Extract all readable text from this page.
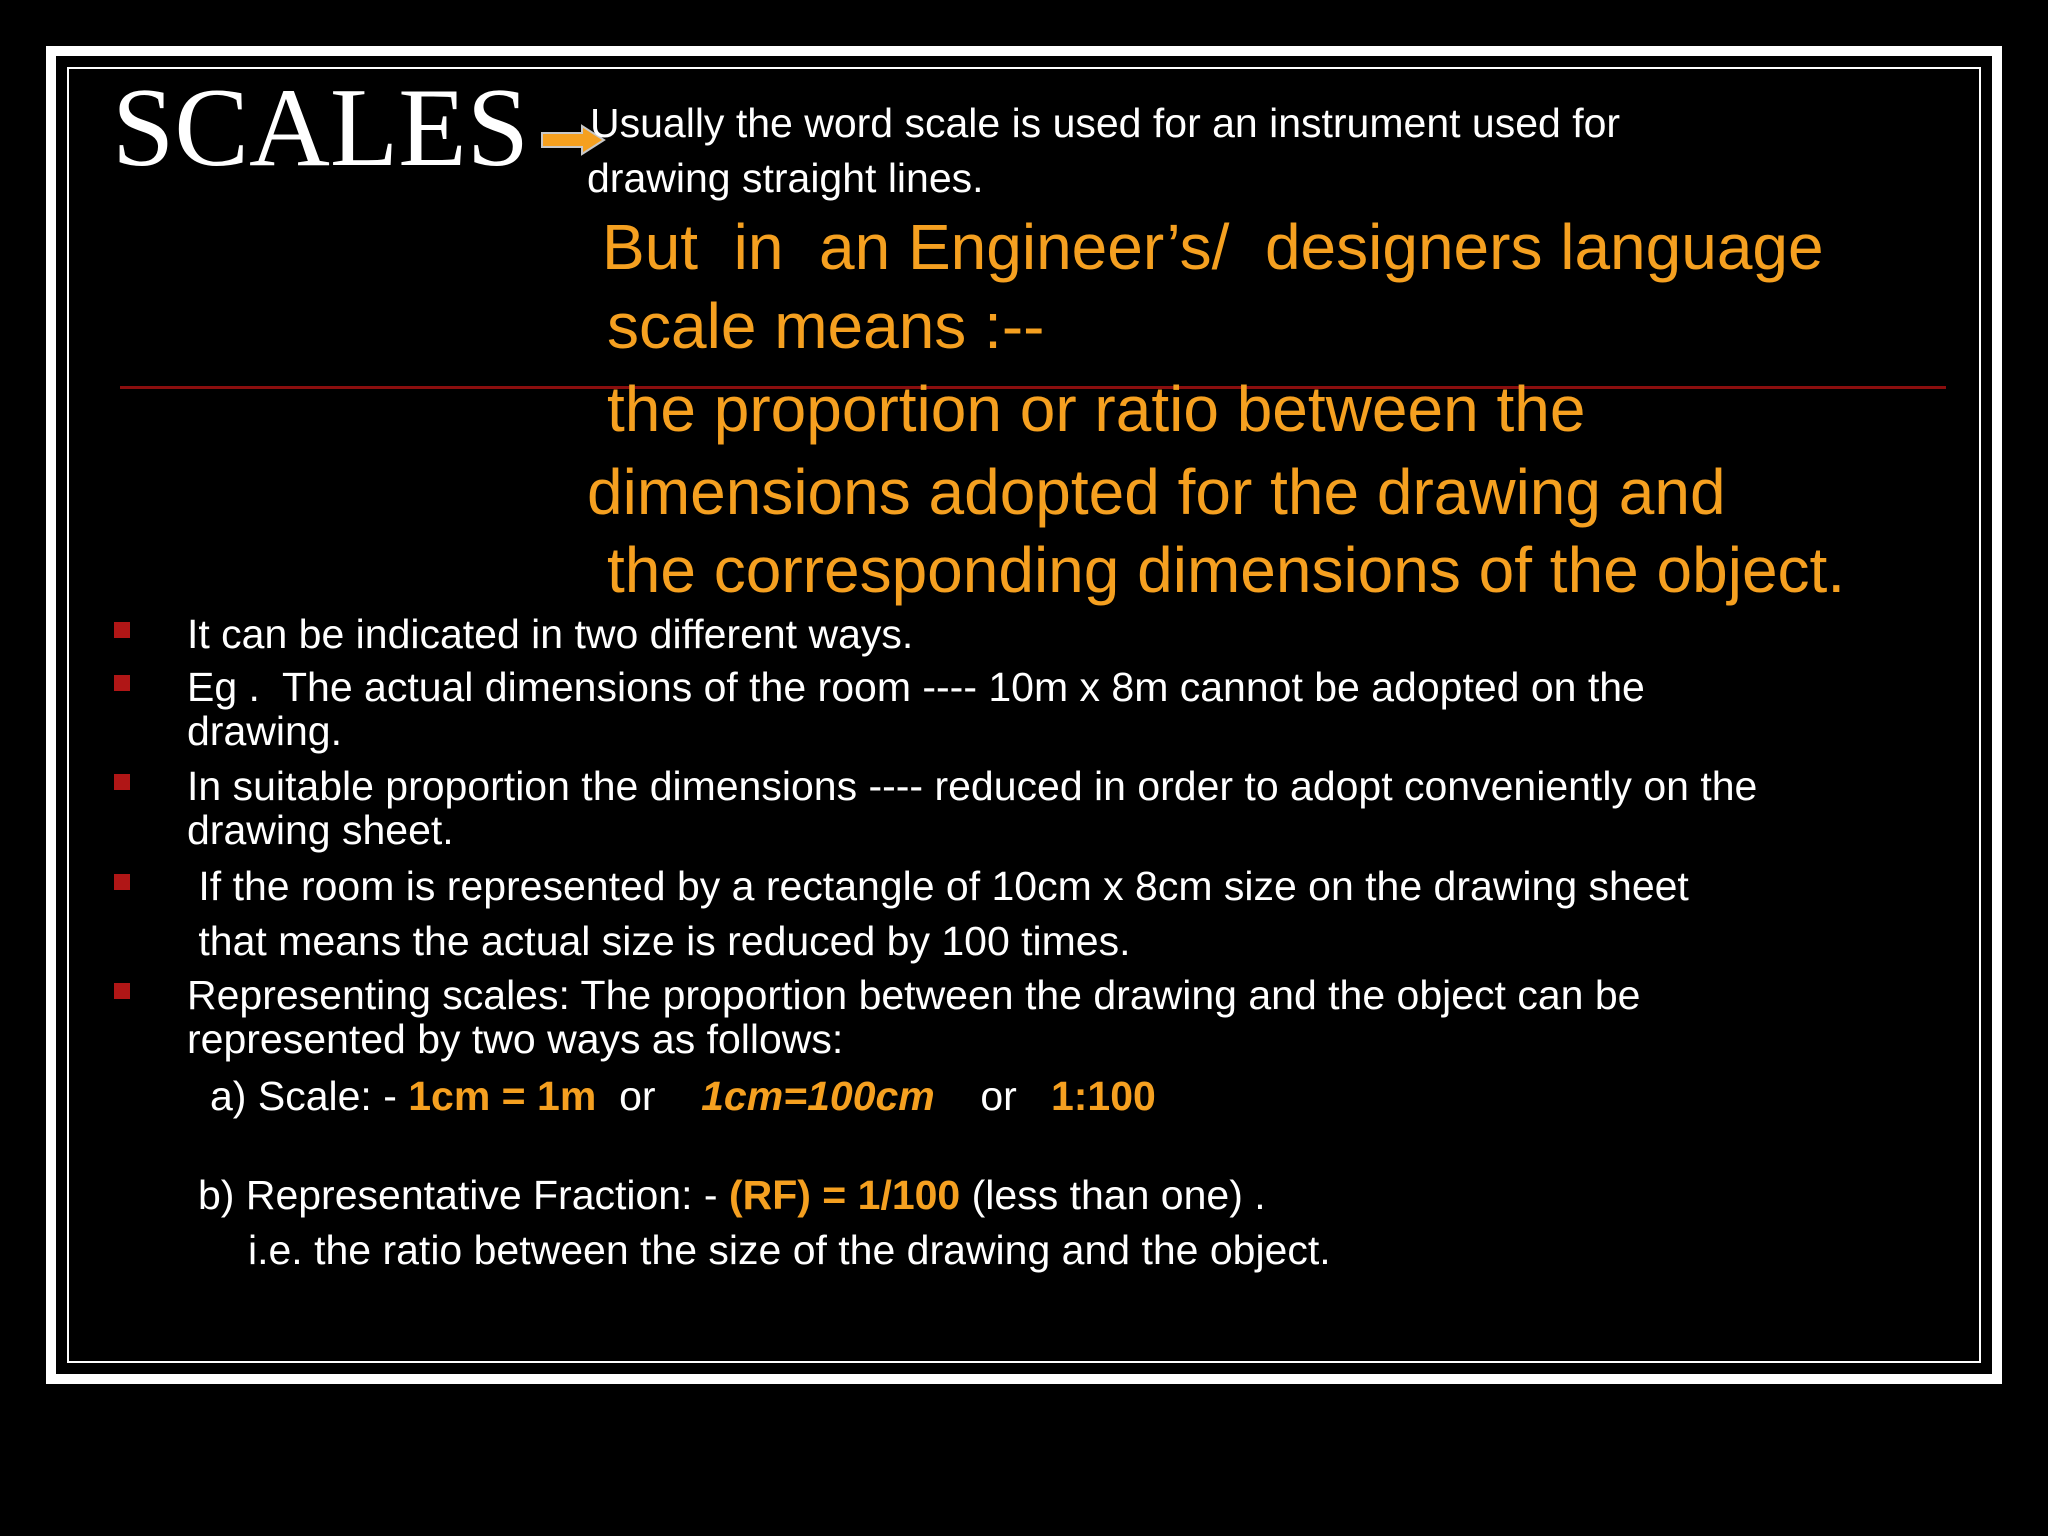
SCALES Usually the word scale is used for an instrument used for
drawing straight lines.
But  in  an Engineer’s/  designers language
scale means :--
the proportion or ratio between the
dimensions adopted for the drawing and
the corresponding dimensions of the object.
It can be indicated in two different ways.
Eg .  The actual dimensions of the room ---- 10m x 8m cannot be adopted on the
drawing.
In suitable proportion the dimensions ---- reduced in order to adopt conveniently on the
drawing sheet.
If the room is represented by a rectangle of 10cm x 8cm size on the drawing sheet
that means the actual size is reduced by 100 times.
Representing scales: The proportion between the drawing and the object can be
represented by two ways as follows:
a) Scale: - 1cm = 1m  or    1cm=100cm    or   1:100
b) Representative Fraction: - (RF) = 1/100 (less than one) .
i.e. the ratio between the size of the drawing and the object.
